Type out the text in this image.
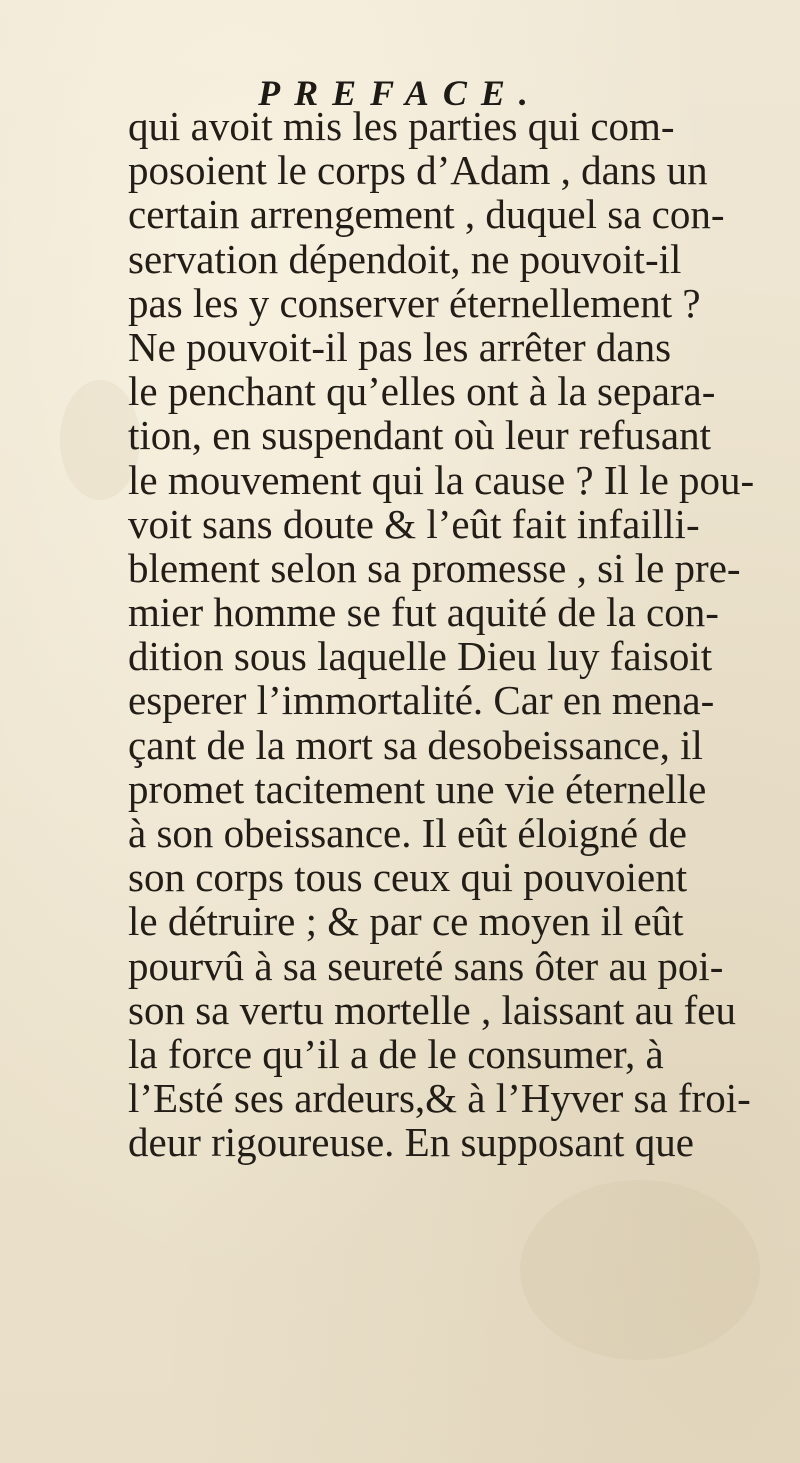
PREFACE.
qui avoit mis les parties qui com-
posoient le corps d’Adam , dans un
certain arrengement , duquel sa con-
servation dépendoit, ne pouvoit-il
pas les y conserver éternellement ?
Ne pouvoit-il pas les arrêter dans
le penchant qu’elles ont à la separa-
tion, en suspendant où leur refusant
le mouvement qui la cause ? Il le pou-
voit sans doute & l’eût fait infailli-
blement selon sa promesse , si le pre-
mier homme se fut aquité de la con-
dition sous laquelle Dieu luy faisoit
esperer l’immortalité. Car en mena-
çant de la mort sa desobeissance, il
promet tacitement une vie éternelle
à son obeissance. Il eût éloigné de
son corps tous ceux qui pouvoient
le détruire ; & par ce moyen il eût
pourvû à sa seureté sans ôter au poi-
son sa vertu mortelle , laissant au feu
la force qu’il a de le consumer, à
l’Esté ses ardeurs,& à l’Hyver sa froi-
deur rigoureuse. En supposant que
